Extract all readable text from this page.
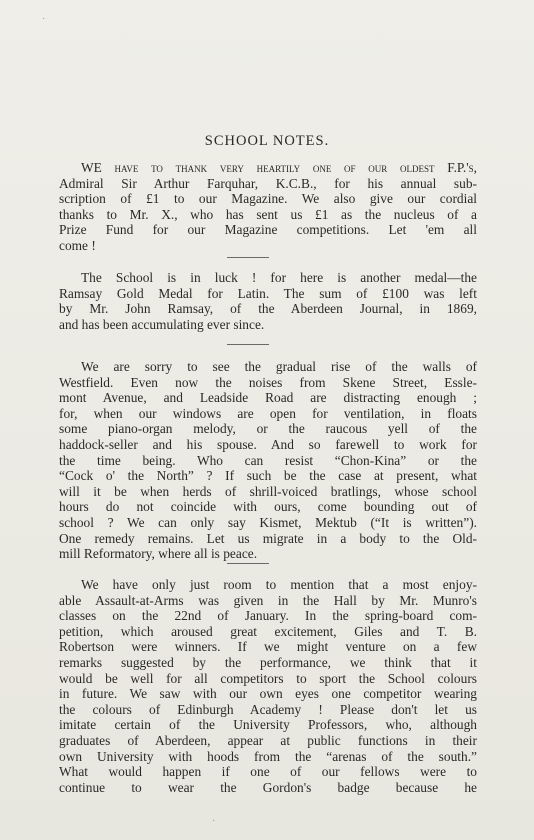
·
SCHOOL NOTES.
WE have to thank very heartily one of our oldest F.P.'s,
Admiral Sir Arthur Farquhar, K.C.B., for his annual sub-
scription of £1 to our Magazine. We also give our cordial
thanks to Mr. X., who has sent us £1 as the nucleus of a
Prize Fund for our Magazine competitions. Let 'em all
come !
The School is in luck ! for here is another medal—the
Ramsay Gold Medal for Latin. The sum of £100 was left
by Mr. John Ramsay, of the Aberdeen Journal, in 1869,
and has been accumulating ever since.
We are sorry to see the gradual rise of the walls of
Westfield. Even now the noises from Skene Street, Essle-
mont Avenue, and Leadside Road are distracting enough ;
for, when our windows are open for ventilation, in floats
some piano-organ melody, or the raucous yell of the
haddock-seller and his spouse. And so farewell to work for
the time being. Who can resist “Chon-Kina” or the
“Cock o' the North” ? If such be the case at present, what
will it be when herds of shrill-voiced bratlings, whose school
hours do not coincide with ours, come bounding out of
school ? We can only say Kismet, Mektub (“It is written”).
One remedy remains. Let us migrate in a body to the Old-
mill Reformatory, where all is peace.
We have only just room to mention that a most enjoy-
able Assault-at-Arms was given in the Hall by Mr. Munro's
classes on the 22nd of January. In the spring-board com-
petition, which aroused great excitement, Giles and T. B.
Robertson were winners. If we might venture on a few
remarks suggested by the performance, we think that it
would be well for all competitors to sport the School colours
in future. We saw with our own eyes one competitor wearing
the colours of Edinburgh Academy ! Please don't let us
imitate certain of the University Professors, who, although
graduates of Aberdeen, appear at public functions in their
own University with hoods from the “arenas of the south.”
What would happen if one of our fellows were to
continue to wear the Gordon's badge because he
·
